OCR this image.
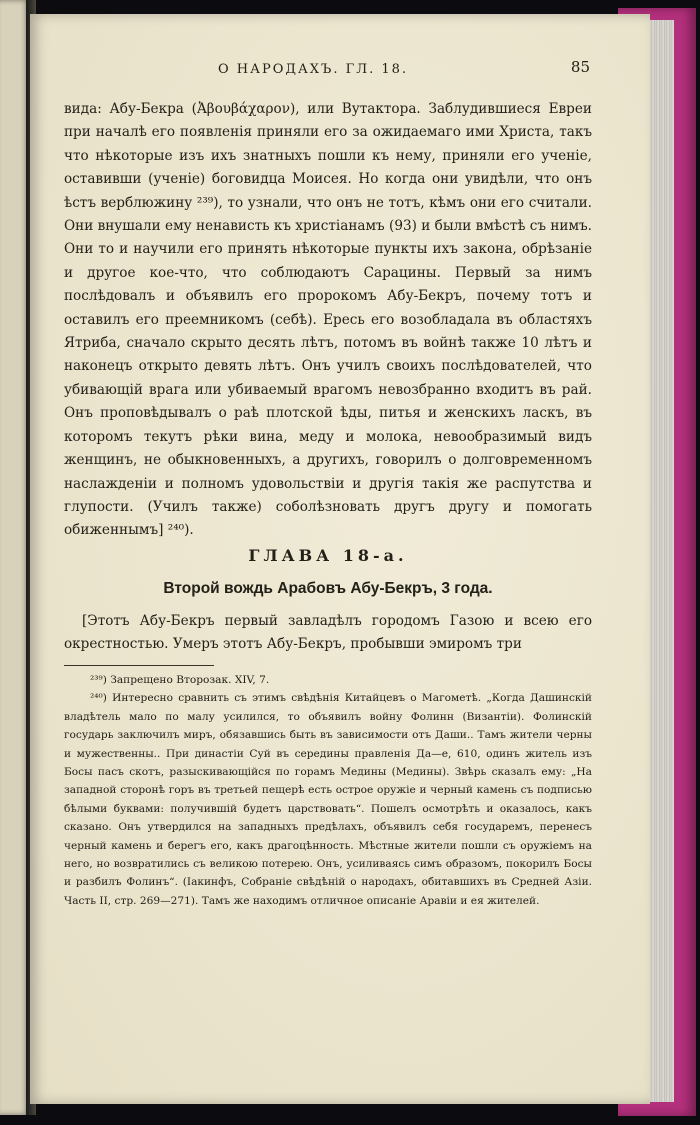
О НАРОДАХЪ. ГЛ. 18.	85

вида: Абу-Бекра (Ἀβουβάχαρον), или Вутактора. Заблудившиеся Евреи при началѣ его появленія приняли его за ожидаемаго ими Христа, такъ что нѣкоторые изъ ихъ знатныхъ пошли къ нему, приняли его ученіе, оставивши (ученіе) боговидца Моисея. Но когда они увидѣли, что онъ ѣстъ верблюжину ²³⁹), то узнали, что онъ не тотъ, кѣмъ они его считали. Они внушали ему ненависть къ христіанамъ (93) и были вмѣстѣ съ нимъ. Они то и научили его принять нѣкоторые пункты ихъ закона, обрѣзаніе и другое кое-что, что соблюдаютъ Сарацины. Первый за нимъ послѣдовалъ и объявилъ его пророкомъ Абу-Бекръ, почему тотъ и оставилъ его преемникомъ (себѣ). Ересь его возобладала въ областяхъ Ятриба, сначало скрыто десять лѣтъ, потомъ въ войнѣ также 10 лѣтъ и наконецъ открыто девять лѣтъ. Онъ училъ своихъ послѣдователей, что убивающій врага или убиваемый врагомъ невозбранно входитъ въ рай. Онъ проповѣдывалъ о раѣ плотской ѣды, питья и женскихъ ласкъ, въ которомъ текутъ рѣки вина, меду и молока, невообразимый видъ женщинъ, не обыкновенныхъ, а другихъ, говорилъ о долговременномъ наслажденіи и полномъ удовольствіи и другія такія же распутства и глупости. (Училъ также) соболѣзновать другъ другу и помогать обиженнымъ] ²⁴⁰).

ГЛАВА 18-а.
Второй вождь Арабовъ Абу-Бекръ, 3 года.

[Этотъ Абу-Бекръ первый завладѣлъ городомъ Газою и всею его окрестностью. Умеръ этотъ Абу-Бекръ, пробывши эмиромъ три

²³⁹) Запрещено Второзак. XIV, 7.

²⁴⁰) Интересно сравнить съ этимъ свѣдѣнія Китайцевъ о Магометѣ. „Когда Дашинскій владѣтель мало по малу усилился, то объявилъ войну Фолинн (Византіи). Фолинскій государь заключилъ миръ, обязавшись быть въ зависимости отъ Даши.. Тамъ жители черны и мужественны.. При династіи Суй въ середины правленія Да—е, 610, одинъ житель изъ Босы пасъ скотъ, разыскивающійся по горамъ Медины (Медины). Звѣрь сказалъ ему: „На западной сторонѣ горъ въ третьей пещерѣ есть острое оружіе и черный камень съ подписью бѣлыми буквами: получившій будетъ царствовать“. Пошелъ осмотрѣть и оказалось, какъ сказано. Онъ утвердился на западныхъ предѣлахъ, объявилъ себя государемъ, перенесъ черный камень и берегъ его, какъ драгоцѣнность. Мѣстные жители пошли съ оружіемъ на него, но возвратились съ великою потерею. Онъ, усиливаясь симъ образомъ, покорилъ Босы и разбилъ Фолинъ“. (Іакинфъ, Собраніе свѣдѣній о народахъ, обитавшихъ въ Средней Азіи. Часть II, стр. 269—271). Тамъ же находимъ отличное описаніе Аравіи и ея жителей.
